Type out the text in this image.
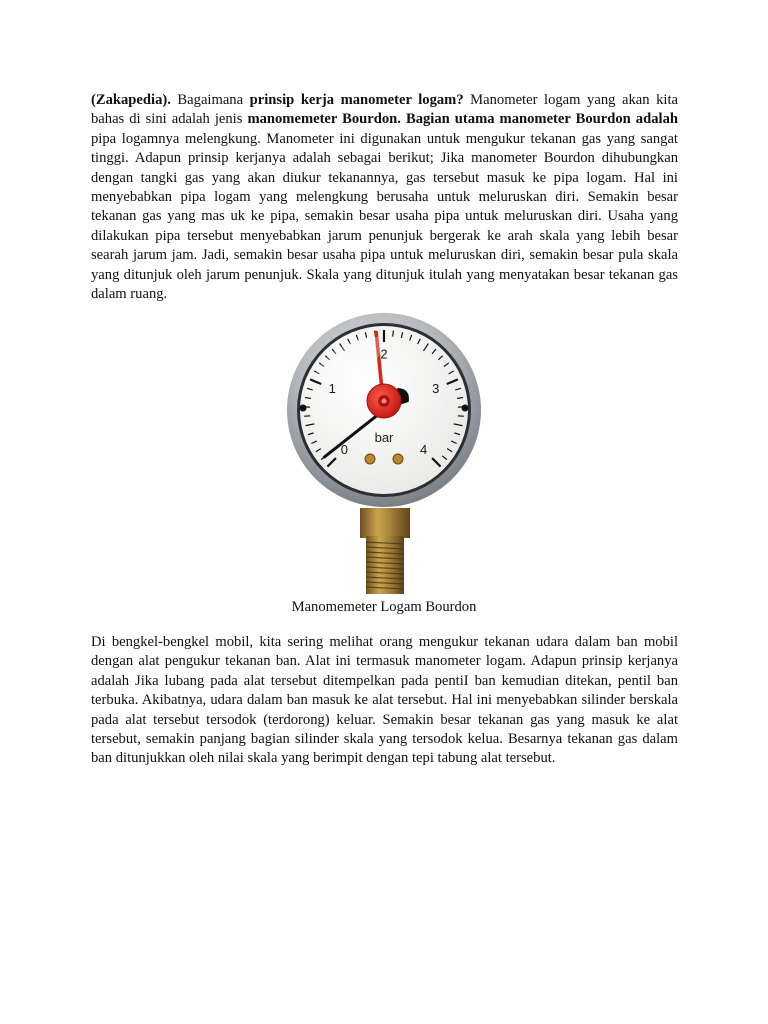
(Zakapedia). Bagaimana prinsip kerja manometer logam? Manometer logam yang akan kita bahas di sini adalah jenis manomemeter Bourdon. Bagian utama manometer Bourdon adalah pipa logamnya melengkung. Manometer ini digunakan untuk mengukur tekanan gas yang sangat tinggi. Adapun prinsip kerjanya adalah sebagai berikut; Jika manometer Bourdon dihubungkan dengan tangki gas yang akan diukur tekanannya, gas tersebut masuk ke pipa logam. Hal ini menyebabkan pipa logam yang melengkung berusaha untuk meluruskan diri. Semakin besar tekanan gas yang mas uk ke pipa, semakin besar usaha pipa untuk meluruskan diri. Usaha yang dilakukan pipa tersebut menyebabkan jarum penunjuk bergerak ke arah skala yang lebih besar searah jarum jam. Jadi, semakin besar usaha pipa untuk meluruskan diri, semakin besar pula skala yang ditunjuk oleh jarum penunjuk. Skala yang ditunjuk itulah yang menyatakan besar tekanan gas dalam ruang.

0
1
2
3
4
bar
Manomemeter Logam Bourdon

Di bengkel-bengkel mobil, kita sering melihat orang mengukur tekanan udara dalam ban mobil dengan alat pengukur tekanan ban. Alat ini termasuk manometer logam. Adapun prinsip kerjanya adalah Jika lubang pada alat tersebut ditempelkan pada pentiI ban kemudian ditekan, pentil ban terbuka. Akibatnya, udara dalam ban masuk ke alat tersebut. Hal ini menyebabkan silinder berskala pada alat tersebut tersodok (terdorong) keluar. Semakin besar tekanan gas yang masuk ke alat tersebut, semakin panjang bagian silinder skala yang tersodok kelua. Besarnya tekanan gas dalam ban ditunjukkan oleh nilai skala yang berimpit dengan tepi tabung alat tersebut.
